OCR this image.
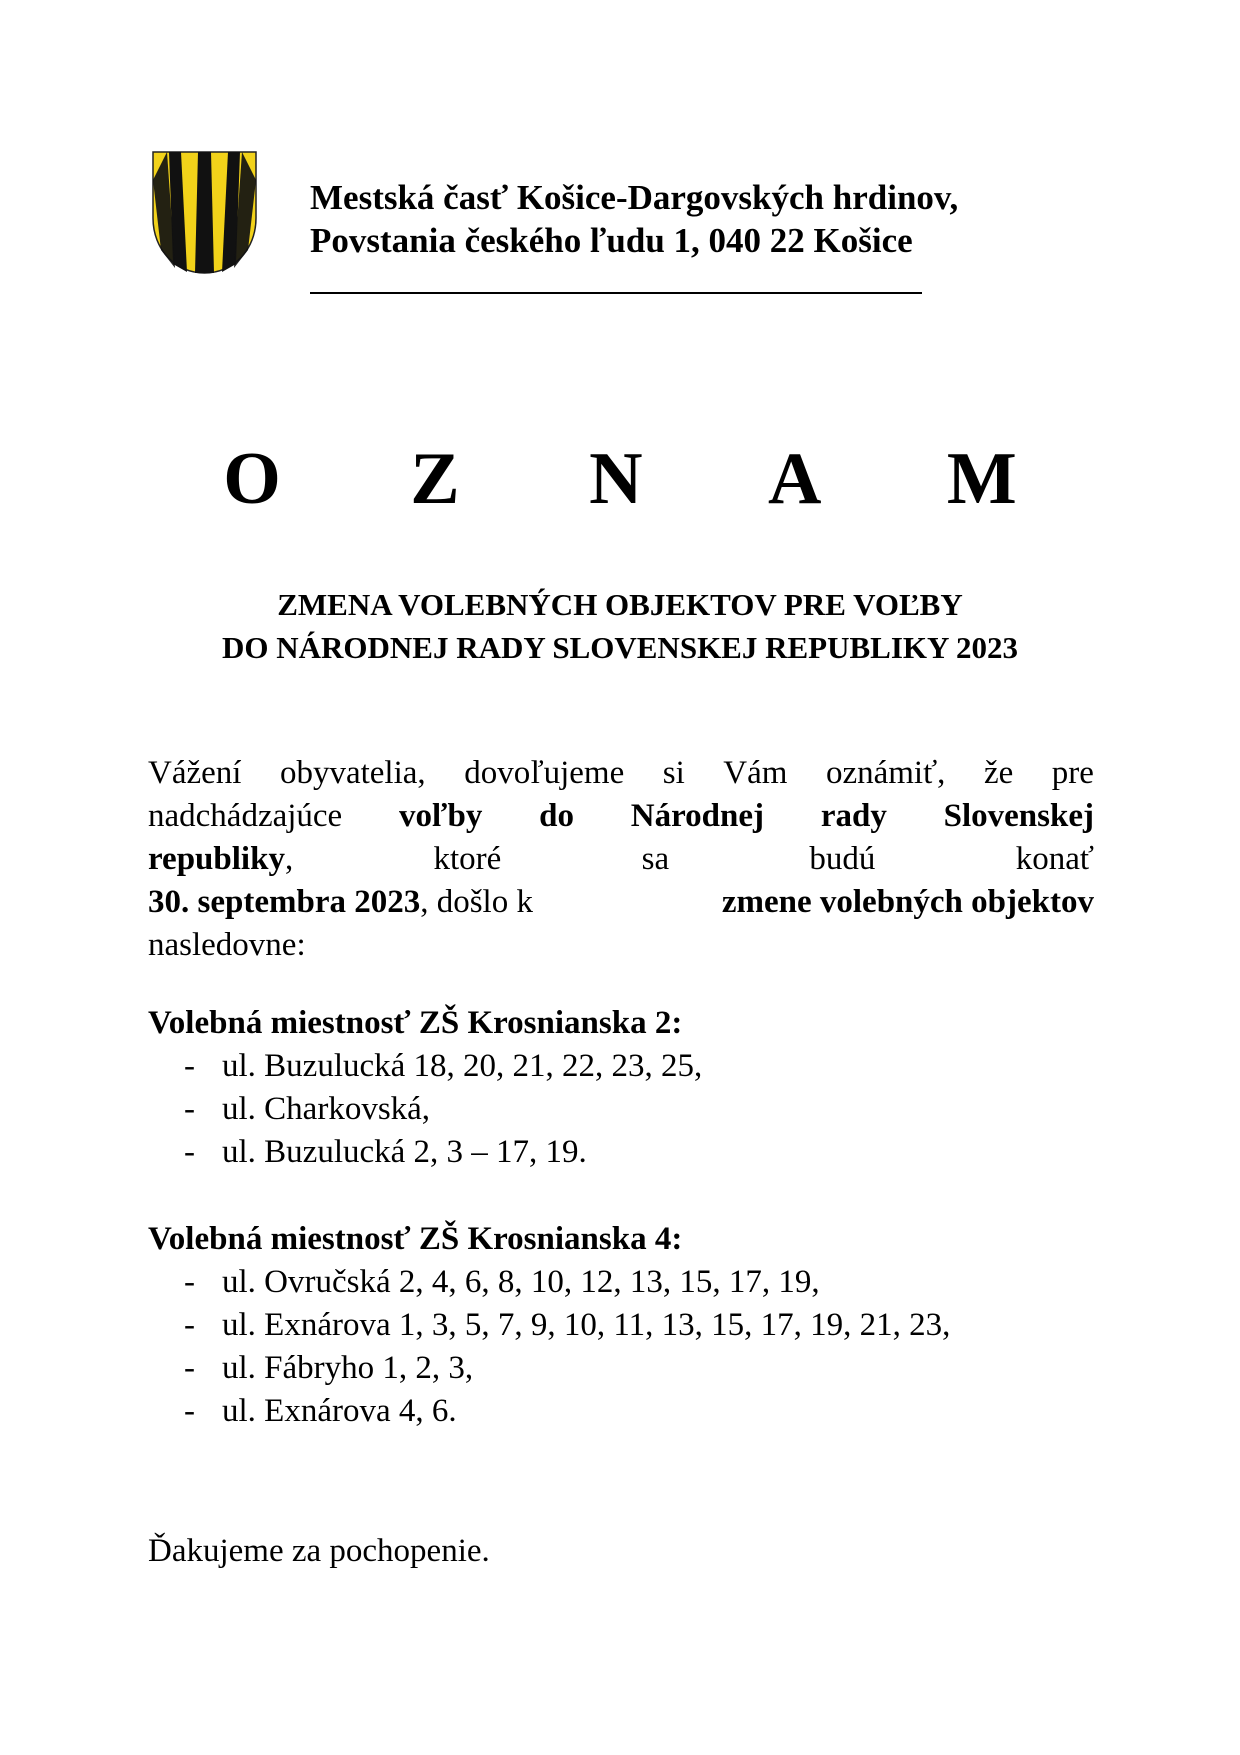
Mestská časť Košice-Dargovských hrdinov,
Povstania českého ľudu 1, 040 22 Košice
O Z N A M
ZMENA VOLEBNÝCH OBJEKTOV PRE VOĽBY
DO NÁRODNEJ RADY SLOVENSKEJ REPUBLIKY 2023
Vážení obyvatelia, dovoľujeme si Vám oznámiť, že pre
nadchádzajúce voľby do Národnej rady Slovenskej
republiky,	ktoré	sa	budú	konať
30. septembra 2023, došlo k	zmene volebných objektov
nasledovne:
Volebná miestnosť ZŠ Krosnianska 2:
- ul. Buzulucká 18, 20, 21, 22, 23, 25,
- ul. Charkovská,
- ul. Buzulucká 2, 3 – 17, 19.
Volebná miestnosť ZŠ Krosnianska 4:
- ul. Ovručská 2, 4, 6, 8, 10, 12, 13, 15, 17, 19,
- ul. Exnárova 1, 3, 5, 7, 9, 10, 11, 13, 15, 17, 19, 21, 23,
- ul. Fábryho 1, 2, 3,
- ul. Exnárova 4, 6.
Ďakujeme za pochopenie.
